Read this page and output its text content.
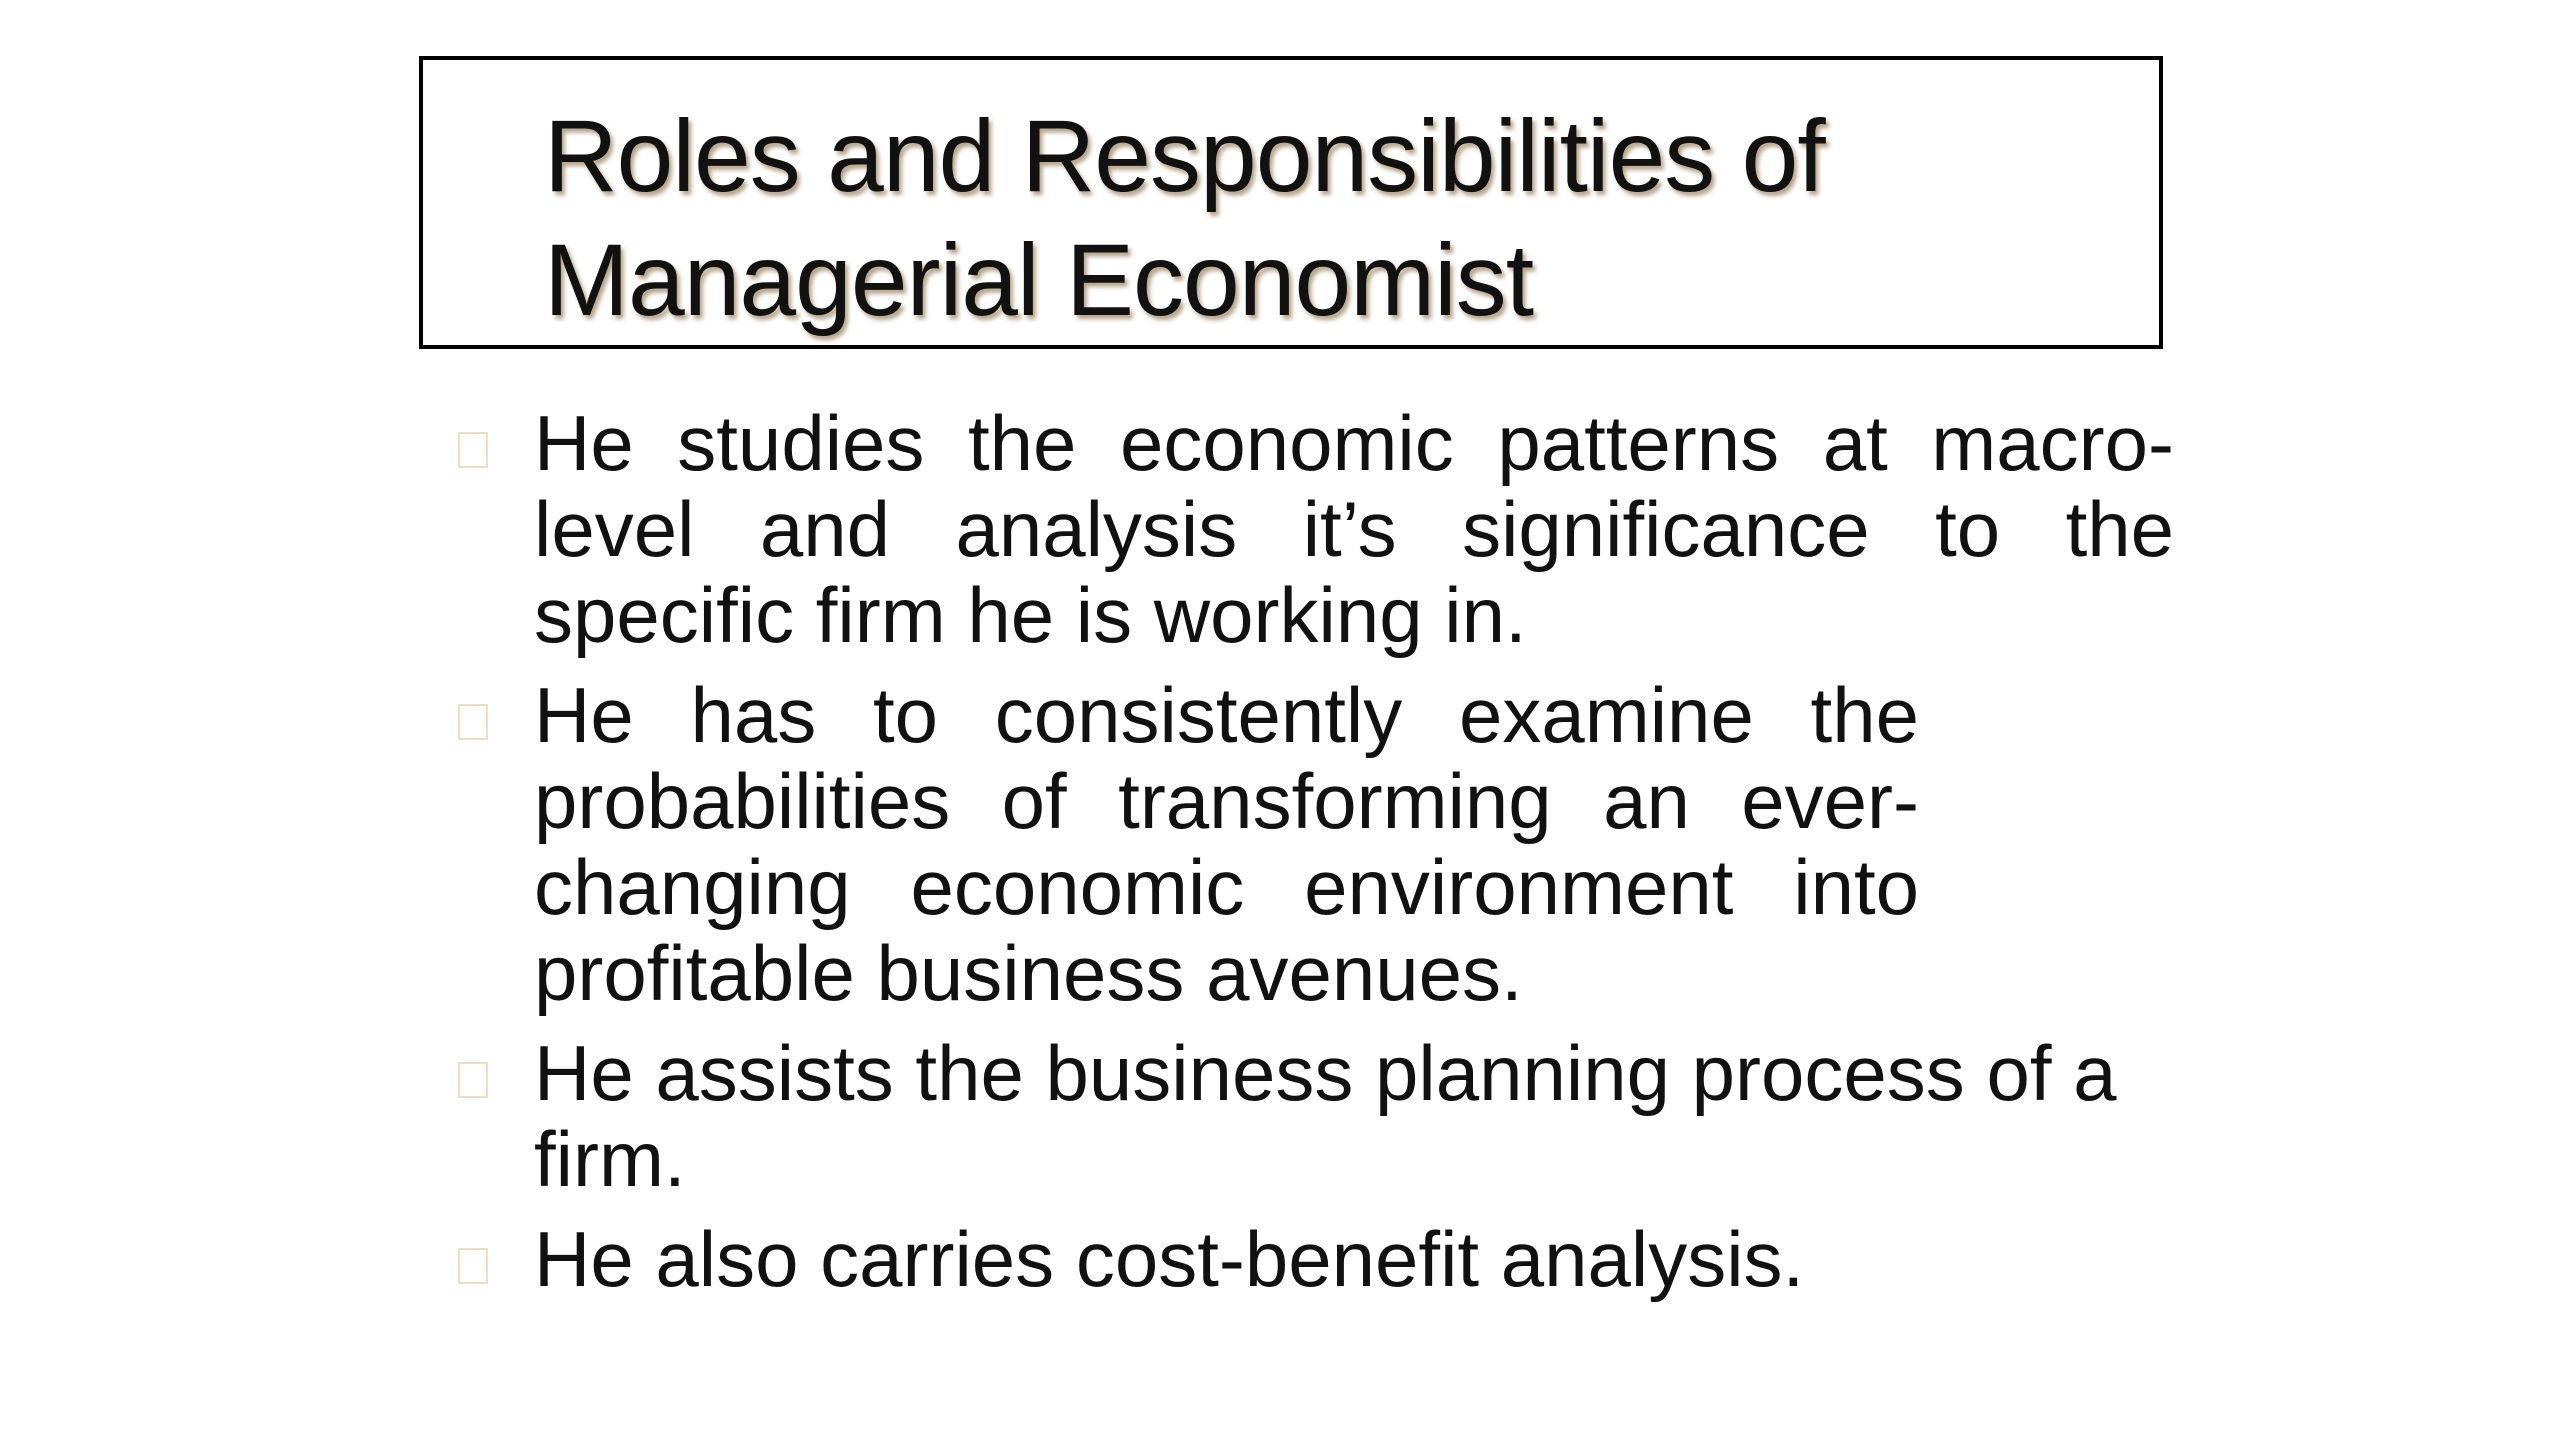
Roles and Responsibilities of
Managerial Economist
He studies the economic patterns at macro-level and analysis it’s significance to the specific firm he is working in.
He has to consistently examine the probabilities of transforming an ever-changing economic environment into profitable business avenues.
He assists the business planning process of a firm.
He also carries cost-benefit analysis.
